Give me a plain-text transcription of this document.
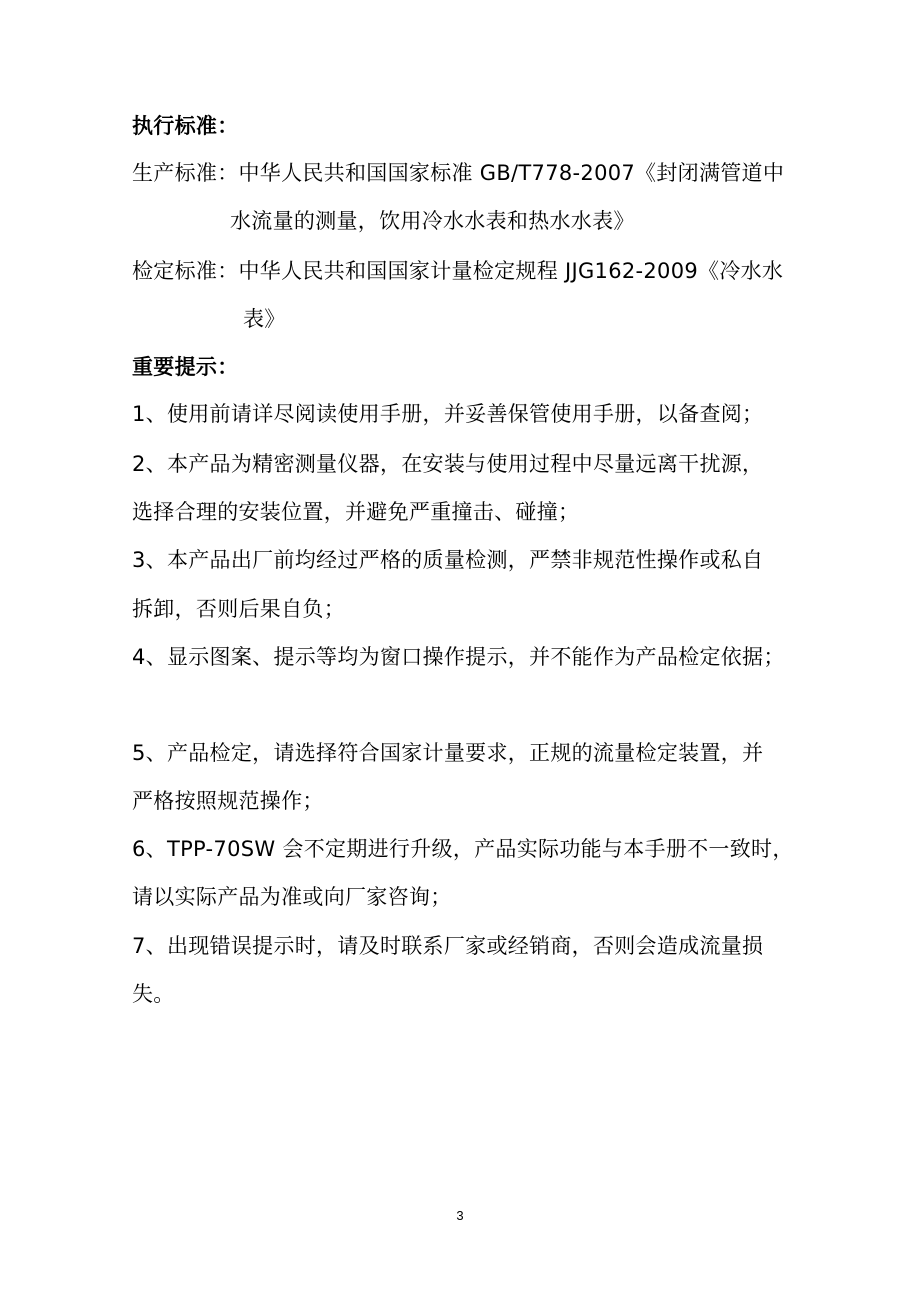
执行标准：
生产标准：中华人民共和国国家标准 GB/T778-2007《封闭满管道中
水流量的测量，饮用冷水水表和热水水表》
检定标准：中华人民共和国国家计量检定规程 JJG162-2009《冷水水
表》
重要提示：
1、使用前请详尽阅读使用手册，并妥善保管使用手册，以备查阅；
2、本产品为精密测量仪器，在安装与使用过程中尽量远离干扰源，
选择合理的安装位置，并避免严重撞击、碰撞；
3、本产品出厂前均经过严格的质量检测，严禁非规范性操作或私自
拆卸，否则后果自负；
4、显示图案、提示等均为窗口操作提示，并不能作为产品检定依据；
5、产品检定，请选择符合国家计量要求，正规的流量检定装置，并
严格按照规范操作；
6、TPP-70SW 会不定期进行升级，产品实际功能与本手册不一致时，
请以实际产品为准或向厂家咨询；
7、出现错误提示时，请及时联系厂家或经销商，否则会造成流量损
失。
3
